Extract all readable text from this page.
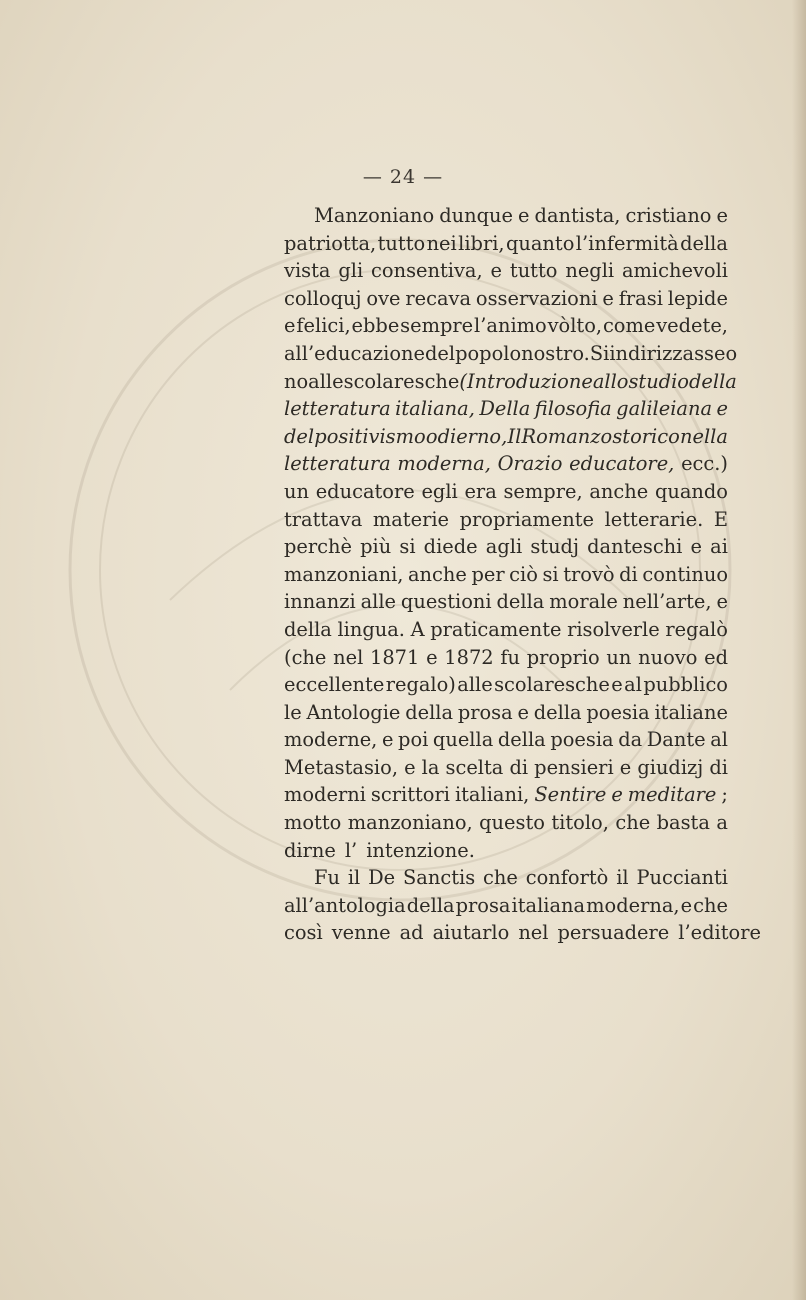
— 24 —
Manzoniano dunque e dantista, cristiano e
patriotta, tutto nei libri, quanto l’infermità della
vista gli consentiva, e tutto negli amichevoli
colloquj ove recava osservazioni e frasi lepide
e felici, ebbe sempre l’animo vòlto, come vedete,
all’educazione del popolo nostro. Si indirizzasse o
no alle scolaresche (Introduzione allo studio della
letteratura italiana, Della filosofia galileiana e
del positivismo odierno, Il Romanzo storico nella
letteratura moderna, Orazio educatore, ecc.)
un educatore egli era sempre, anche quando
trattava materie propriamente letterarie. E
perchè più si diede agli studj danteschi e ai
manzoniani, anche per ciò si trovò di continuo
innanzi alle questioni della morale nell’arte, e
della lingua. A praticamente risolverle regalò
(che nel 1871 e 1872 fu proprio un nuovo ed
eccellente regalo) alle scolaresche e al pubblico
le Antologie della prosa e della poesia italiane
moderne, e poi quella della poesia da Dante al
Metastasio, e la scelta di pensieri e giudizj di
moderni scrittori italiani, Sentire e meditare ;
motto manzoniano, questo titolo, che basta a
dirne l’ intenzione.
Fu il De Sanctis che confortò il Puccianti
all’antologia della prosa italiana moderna, e che
così venne ad aiutarlo nel persuadere l’editore
